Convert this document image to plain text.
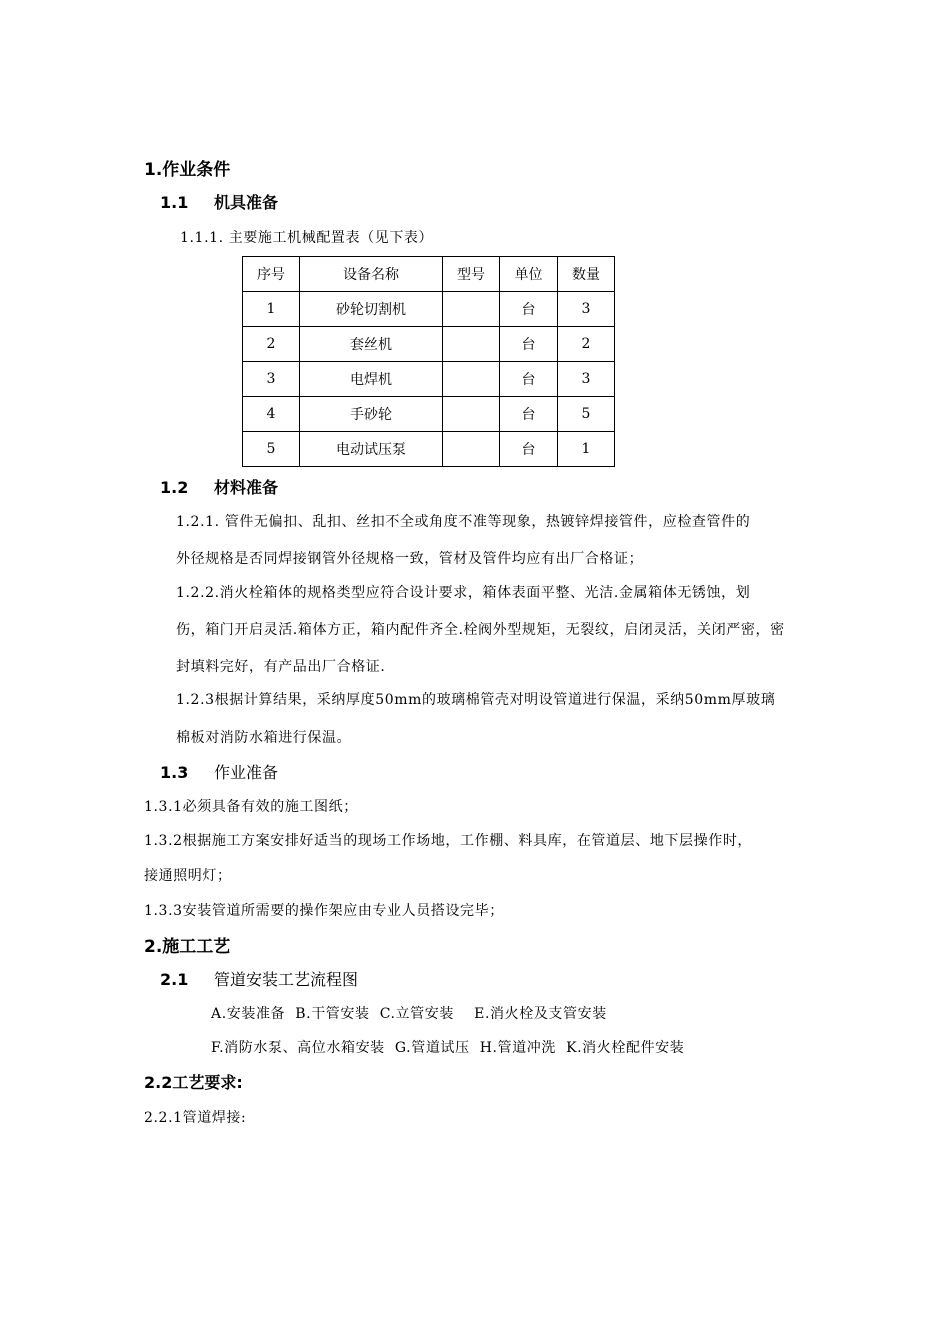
1.作业条件
1.1 机具准备
1.1.1. 主要施工机械配置表（见下表）
序号	设备名称	型号	单位	数量
1	砂轮切割机		台	3
2	套丝机		台	2
3	电焊机		台	3
4	手砂轮		台	5
5	电动试压泵		台	1
1.2 材料准备
1.2.1. 管件无偏扣、乱扣、丝扣不全或角度不准等现象，热镀锌焊接管件，应检查管件的
外径规格是否同焊接钢管外径规格一致，管材及管件均应有出厂合格证；
1.2.2.消火栓箱体的规格类型应符合设计要求，箱体表面平整、光洁.金属箱体无锈蚀，划
伤，箱门开启灵活.箱体方正，箱内配件齐全.栓阀外型规矩，无裂纹，启闭灵活，关闭严密，密
封填料完好，有产品出厂合格证.
1.2.3根据计算结果，采纳厚度50mm的玻璃棉管壳对明设管道进行保温，采纳50mm厚玻璃
棉板对消防水箱进行保温。
1.3 作业准备
1.3.1必须具备有效的施工图纸；
1.3.2根据施工方案安排好适当的现场工作场地，工作棚、料具库，在管道层、地下层操作时，
接通照明灯；
1.3.3安装管道所需要的操作架应由专业人员搭设完毕；
2.施工工艺
2.1 管道安装工艺流程图
A.安装准备  B.干管安装  C.立管安装    E.消火栓及支管安装
F.消防水泵、高位水箱安装  G.管道试压  H.管道冲洗  K.消火栓配件安装
2.2工艺要求:
2.2.1管道焊接:
